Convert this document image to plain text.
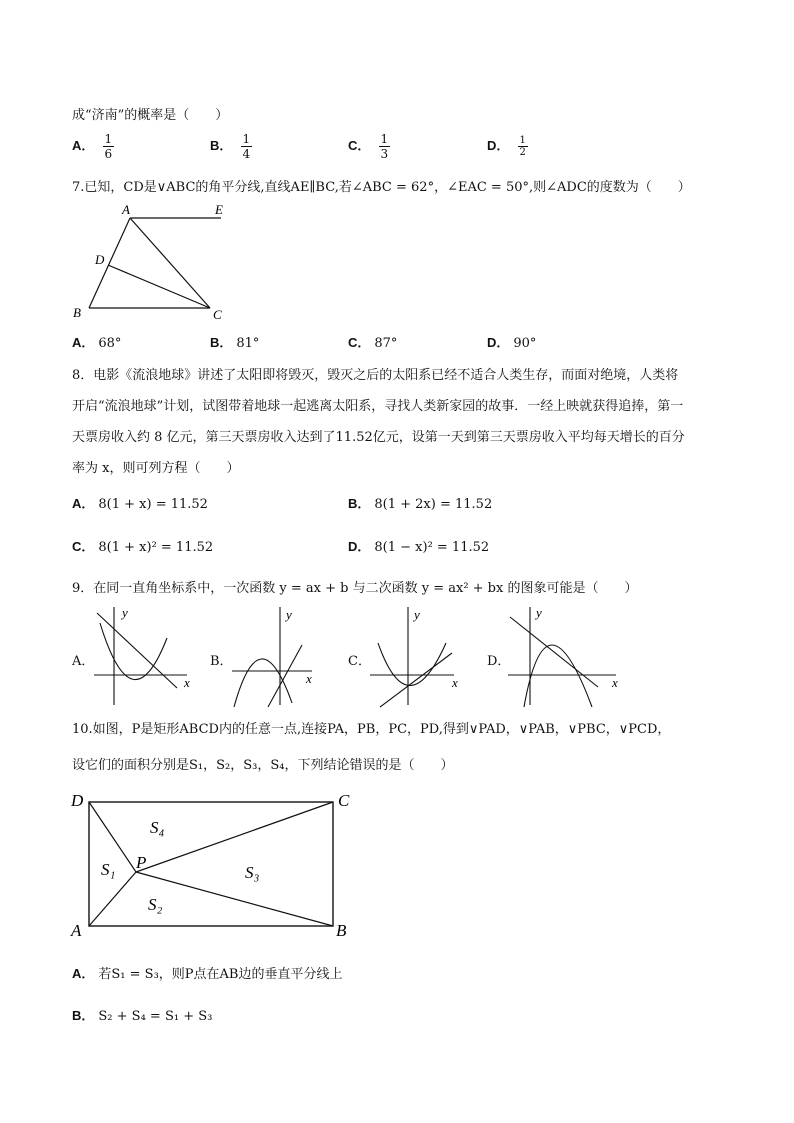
成“济南”的概率是（　　）
A． $\frac{1}{6}$	B． $\frac{1}{4}$	C． $\frac{1}{3}$	D． $\frac{1}{2}$
7.已知，CD是∨ABC的角平分线,直线AE∥BC,若∠ABC = 62°，∠EAC = 50°,则∠ADC的度数为（　　）
A	E
D
B	C
A． 68°	B． 81°	C． 87°	D． 90°
8．电影《流浪地球》讲述了太阳即将毁灭，毁灭之后的太阳系已经不适合人类生存，而面对绝境，人类将
开启“流浪地球”计划，试图带着地球一起逃离太阳系，寻找人类新家园的故事．一经上映就获得追捧，第一
天票房收入约 8 亿元，第三天票房收入达到了11.52亿元，设第一天到第三天票房收入平均每天增长的百分
率为 x，则可列方程（　　）
A． 8(1 + x) = 11.52	B． 8(1 + 2x) = 11.52
C． 8(1 + x)² = 11.52	D． 8(1 − x)² = 11.52
9．在同一直角坐标系中，一次函数 y = ax + b 与二次函数 y = ax² + bx 的图象可能是（　　）
A．
x
y
B．
x
y
C．
x
y
D．
x
y
10.如图，P是矩形ABCD内的任意一点,连接PA，PB，PC，PD,得到∨PAD，∨PAB，∨PBC，∨PCD，
设它们的面积分别是S₁，S₂，S₃，S₄，下列结论错误的是（　　）
D	C
A	B
P
S₁
S₂
S₃
S₄
A． 若S₁ = S₃，则P点在AB边的垂直平分线上
B． S₂ + S₄ = S₁ + S₃
